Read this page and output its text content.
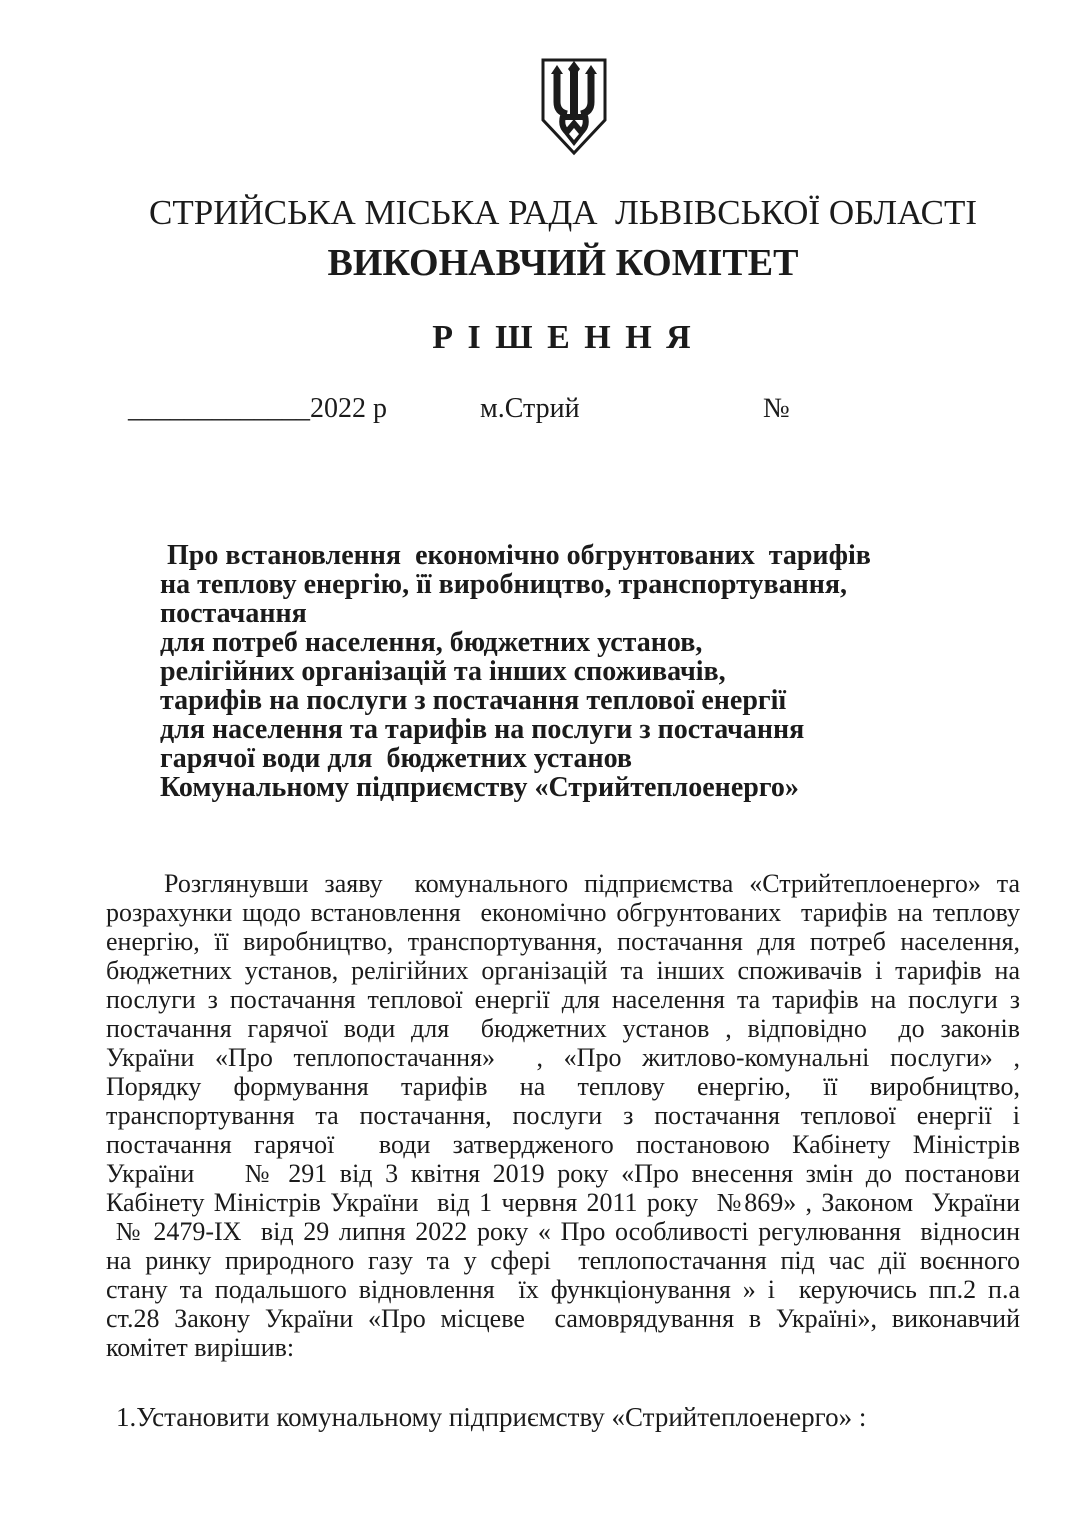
СТРИЙСЬКА МІСЬКА РАДА  ЛЬВІВСЬКОЇ ОБЛАСТІ
ВИКОНАВЧИЙ КОМІТЕТ
Р І Ш Е Н Н Я
_____________2022 р	м.Стрий	№
Про встановлення  економічно обгрунтованих  тарифів
на теплову енергію, її виробництво, транспортування, постачання
для потреб населення, бюджетних установ,
релігійних організацій та інших споживачів,
тарифів на послуги з постачання теплової енергії
для населення та тарифів на послуги з постачання
гарячої води для  бюджетних установ
Комунальному підприємству «Стрийтеплоенерго»
Розглянувши заяву  комунального підприємства «Стрийтеплоенерго» та
розрахунки щодо встановлення  економічно обгрунтованих  тарифів на теплову
енергію, її виробництво, транспортування, постачання для потреб населення,
бюджетних установ, релігійних організацій та інших споживачів і тарифів на
послуги з постачання теплової енергії для населення та тарифів на послуги з
постачання гарячої води для  бюджетних установ , відповідно  до законів
України «Про теплопостачання»  , «Про житлово-комунальні послуги» ,
Порядку формування тарифів на теплову енергію, її виробництво,
транспортування та постачання, послуги з постачання теплової енергії і
постачання гарячої  води затвердженого постановою Кабінету Міністрів
України    № 291 від 3 квітня 2019 року «Про внесення змін до постанови
Кабінету Міністрів України  від 1 червня 2011 року  №869» , Законом  України
№ 2479-IX  від 29 липня 2022 року « Про особливості регулювання  відносин
на ринку природного газу та у сфері  теплопостачання під час дії воєнного
стану та подальшого відновлення  їх функціонування » і  керуючись пп.2 п.а
ст.28 Закону України «Про місцеве  самоврядування в Україні», виконавчий
комітет вирішив:
1.Установити комунальному підприємству «Стрийтеплоенерго» :
